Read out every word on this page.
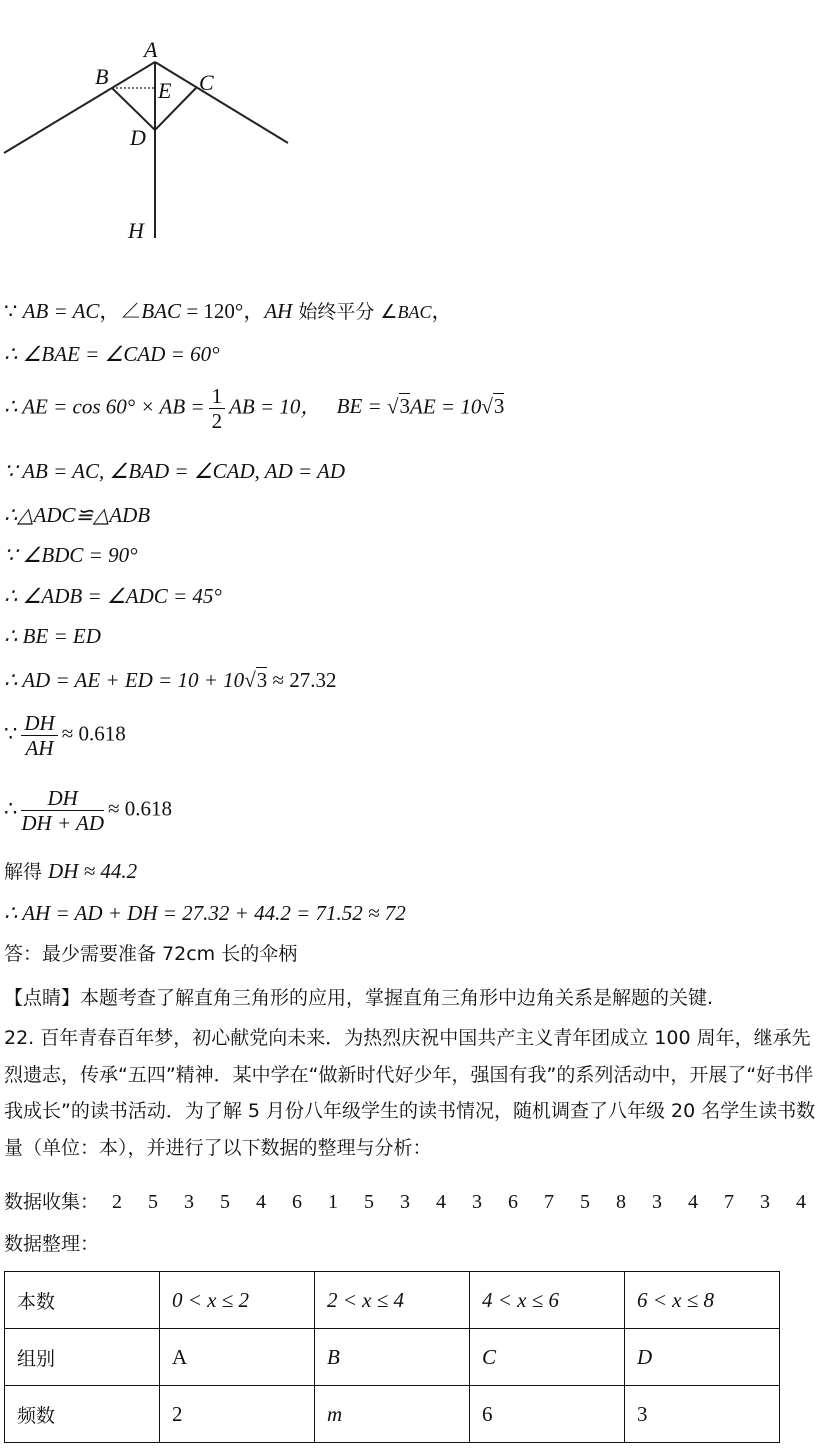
A
B
E C
D
H
∵ AB = AC，∠BAC = 120°，AH 始终平分 ∠BAC，
∴ ∠BAE = ∠CAD = 60°
∴ AE = cos 60° × AB = $\frac{1}{2}$ AB = 10， BE = √3AE = 10√3
∵ AB = AC, ∠BAD = ∠CAD, AD = AD
∴△ADC≌△ADB
∵ ∠BDC = 90°
∴ ∠ADB = ∠ADC = 45°
∴ BE = ED
∴ AD = AE + ED = 10 + 10√3 ≈ 27.32
∵ $\frac{DH}{AH} \approx 0.618$
∴ $\frac{DH}{DH + AD} \approx 0.618$
解得 DH ≈ 44.2
∴ AH = AD + DH = 27.32 + 44.2 = 71.52 ≈ 72
答：最少需要准备 72cm 长的伞柄
【点睛】本题考查了解直角三角形的应用，掌握直角三角形中边角关系是解题的关键.
22. 百年青春百年梦，初心献党向未来．为热烈庆祝中国共产主义青年团成立 100 周年，继承先烈遗志，传承“五四”精神．某中学在“做新时代好少年，强国有我”的系列活动中，开展了“好书伴我成长”的读书活动．为了解 5 月份八年级学生的读书情况，随机调查了八年级 20 名学生读书数量（单位：本），并进行了以下数据的整理与分析：
数据收集： 2 5 3 5 4 6 1 5 3 4 3 6 7 5 8 3 4 7 3 4
数据整理：
本数	0 < x ≤ 2	2 < x ≤ 4	4 < x ≤ 6	6 < x ≤ 8
组别	A	B	C	D
频数	2	m	6	3
